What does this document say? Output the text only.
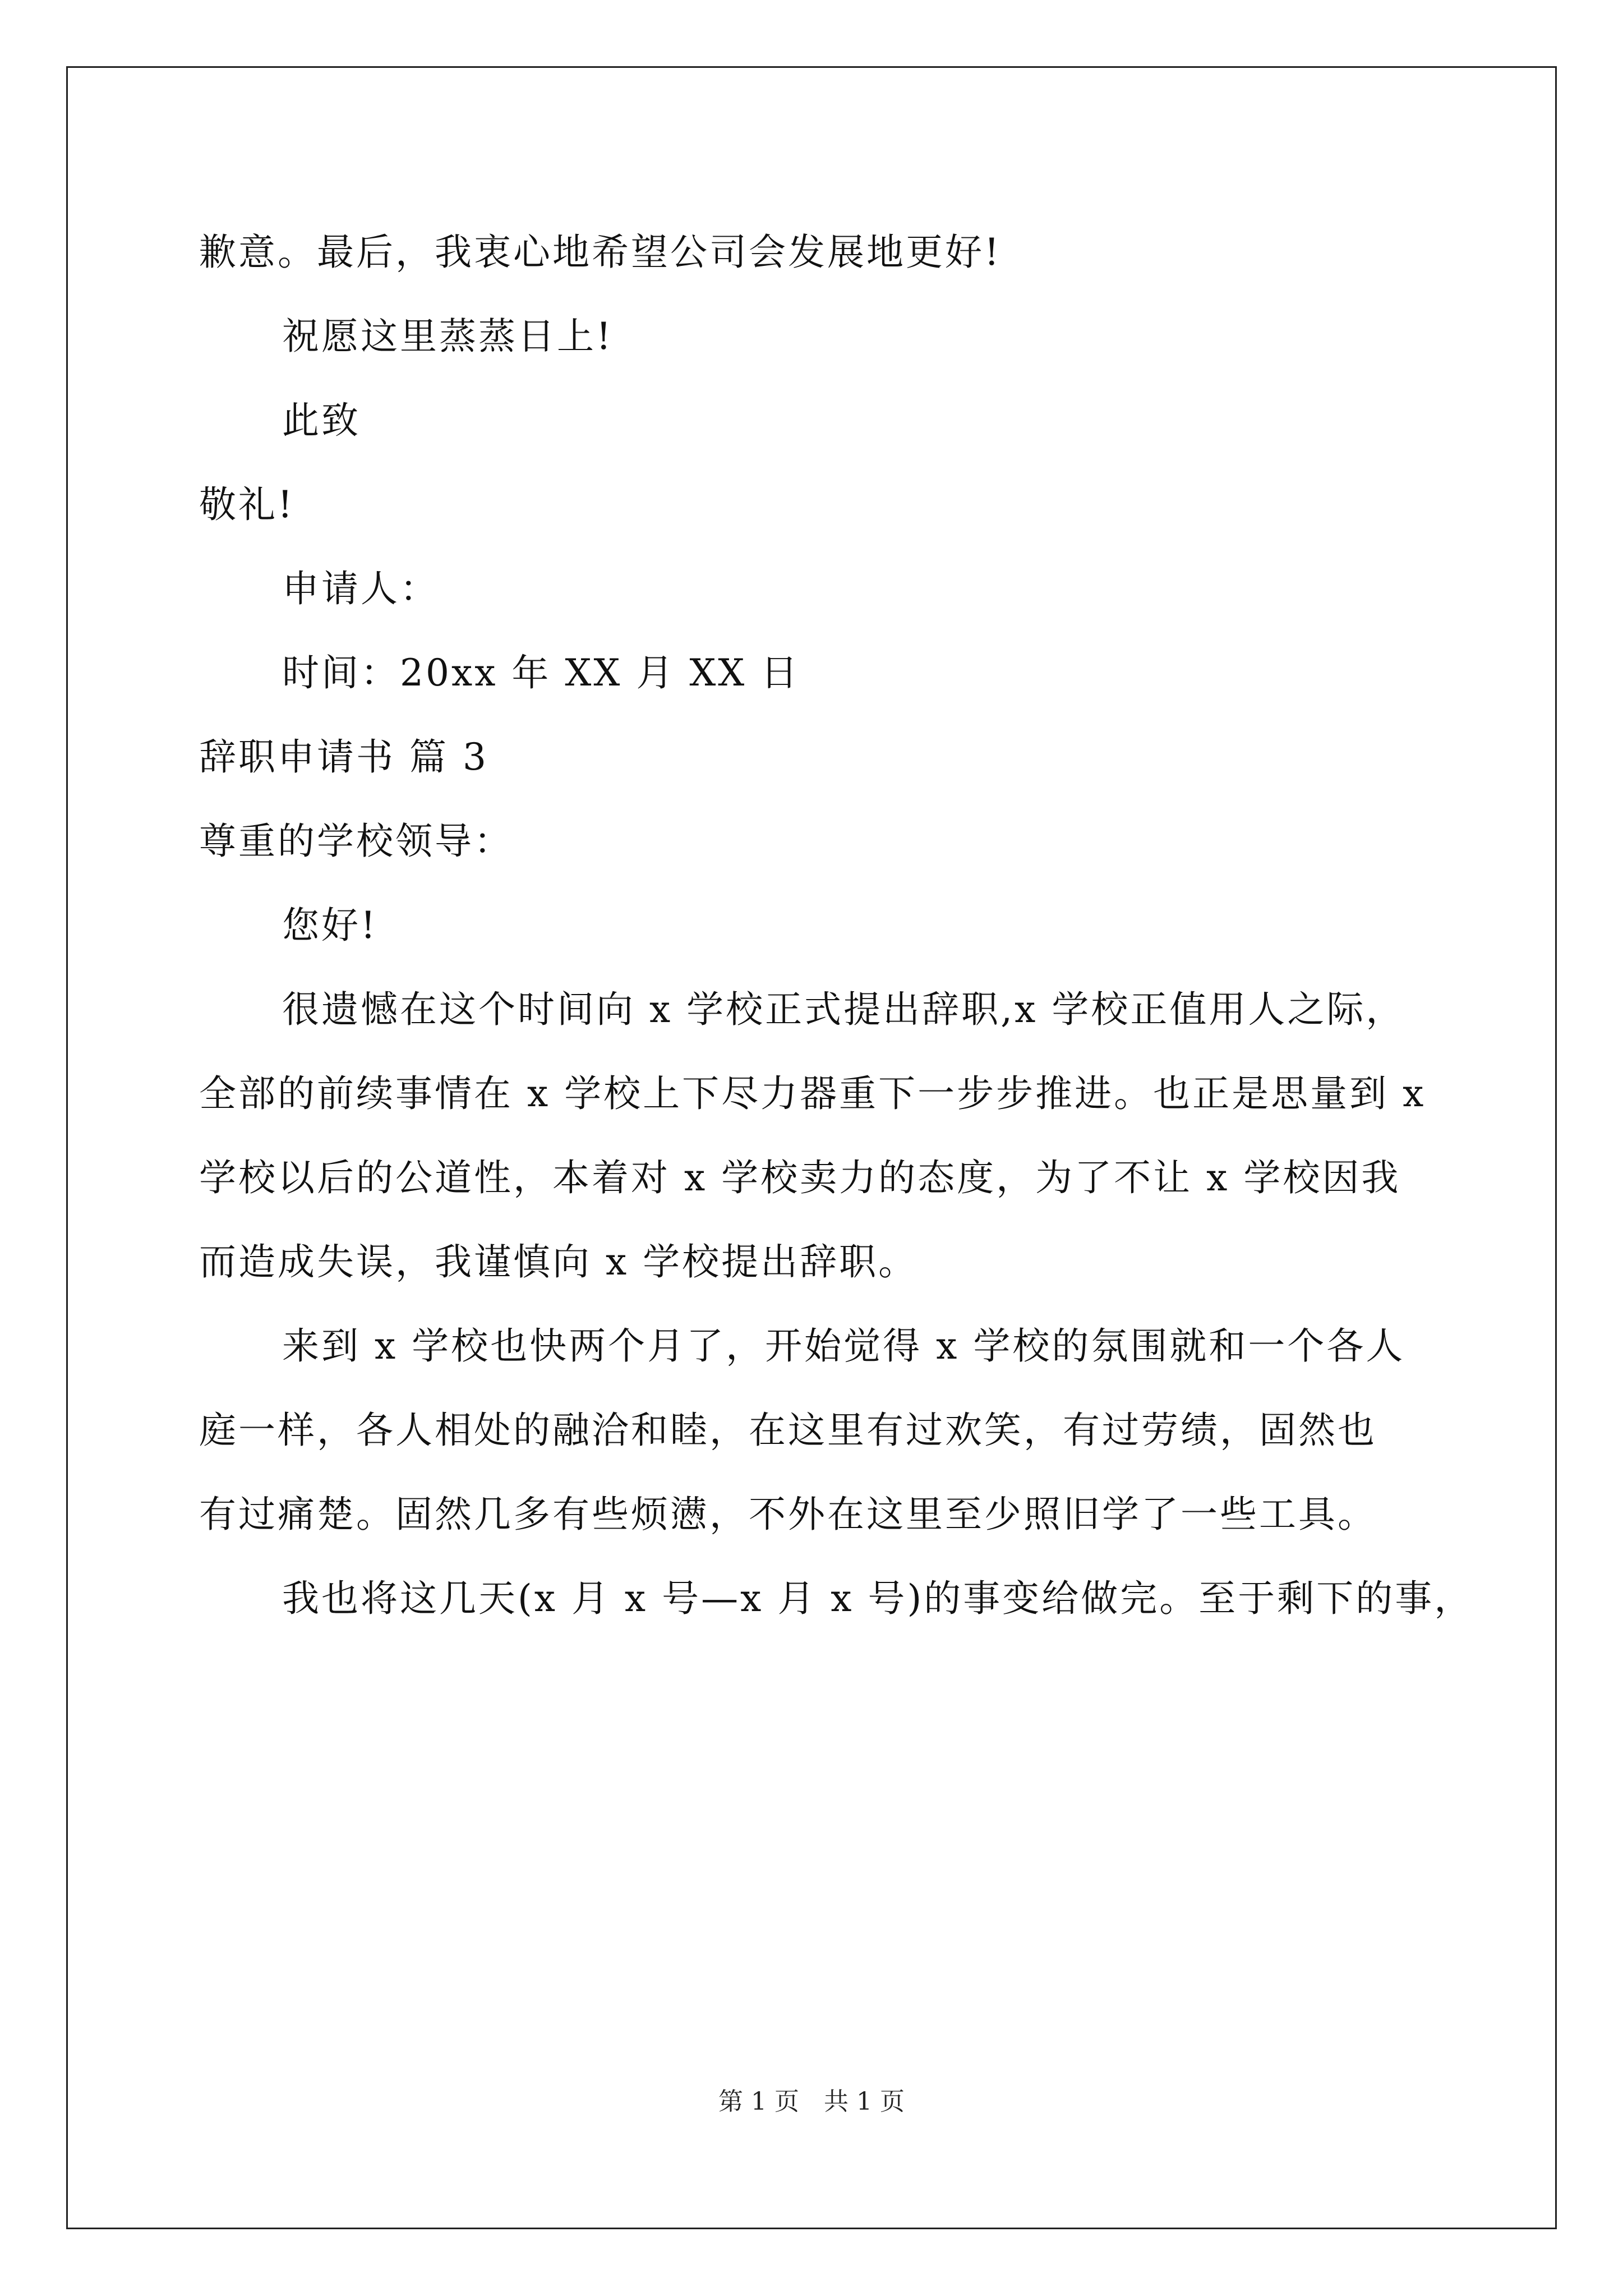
歉意。最后，我衷心地希望公司会发展地更好!
祝愿这里蒸蒸日上!
此致
敬礼!
申请人：
时间：20xx 年 XX 月 XX 日
辞职申请书 篇 3
尊重的学校领导：
您好!
很遗憾在这个时间向 x 学校正式提出辞职,x 学校正值用人之际，
全部的前续事情在 x 学校上下尽力器重下一步步推进。也正是思量到 x
学校以后的公道性，本着对 x 学校卖力的态度，为了不让 x 学校因我
而造成失误，我谨慎向 x 学校提出辞职。
来到 x 学校也快两个月了，开始觉得 x 学校的氛围就和一个各人
庭一样，各人相处的融洽和睦，在这里有过欢笑，有过劳绩，固然也
有过痛楚。固然几多有些烦懑，不外在这里至少照旧学了一些工具。
我也将这几天(x 月 x 号—x 月 x 号)的事变给做完。至于剩下的事，
第 1 页　共 1 页
